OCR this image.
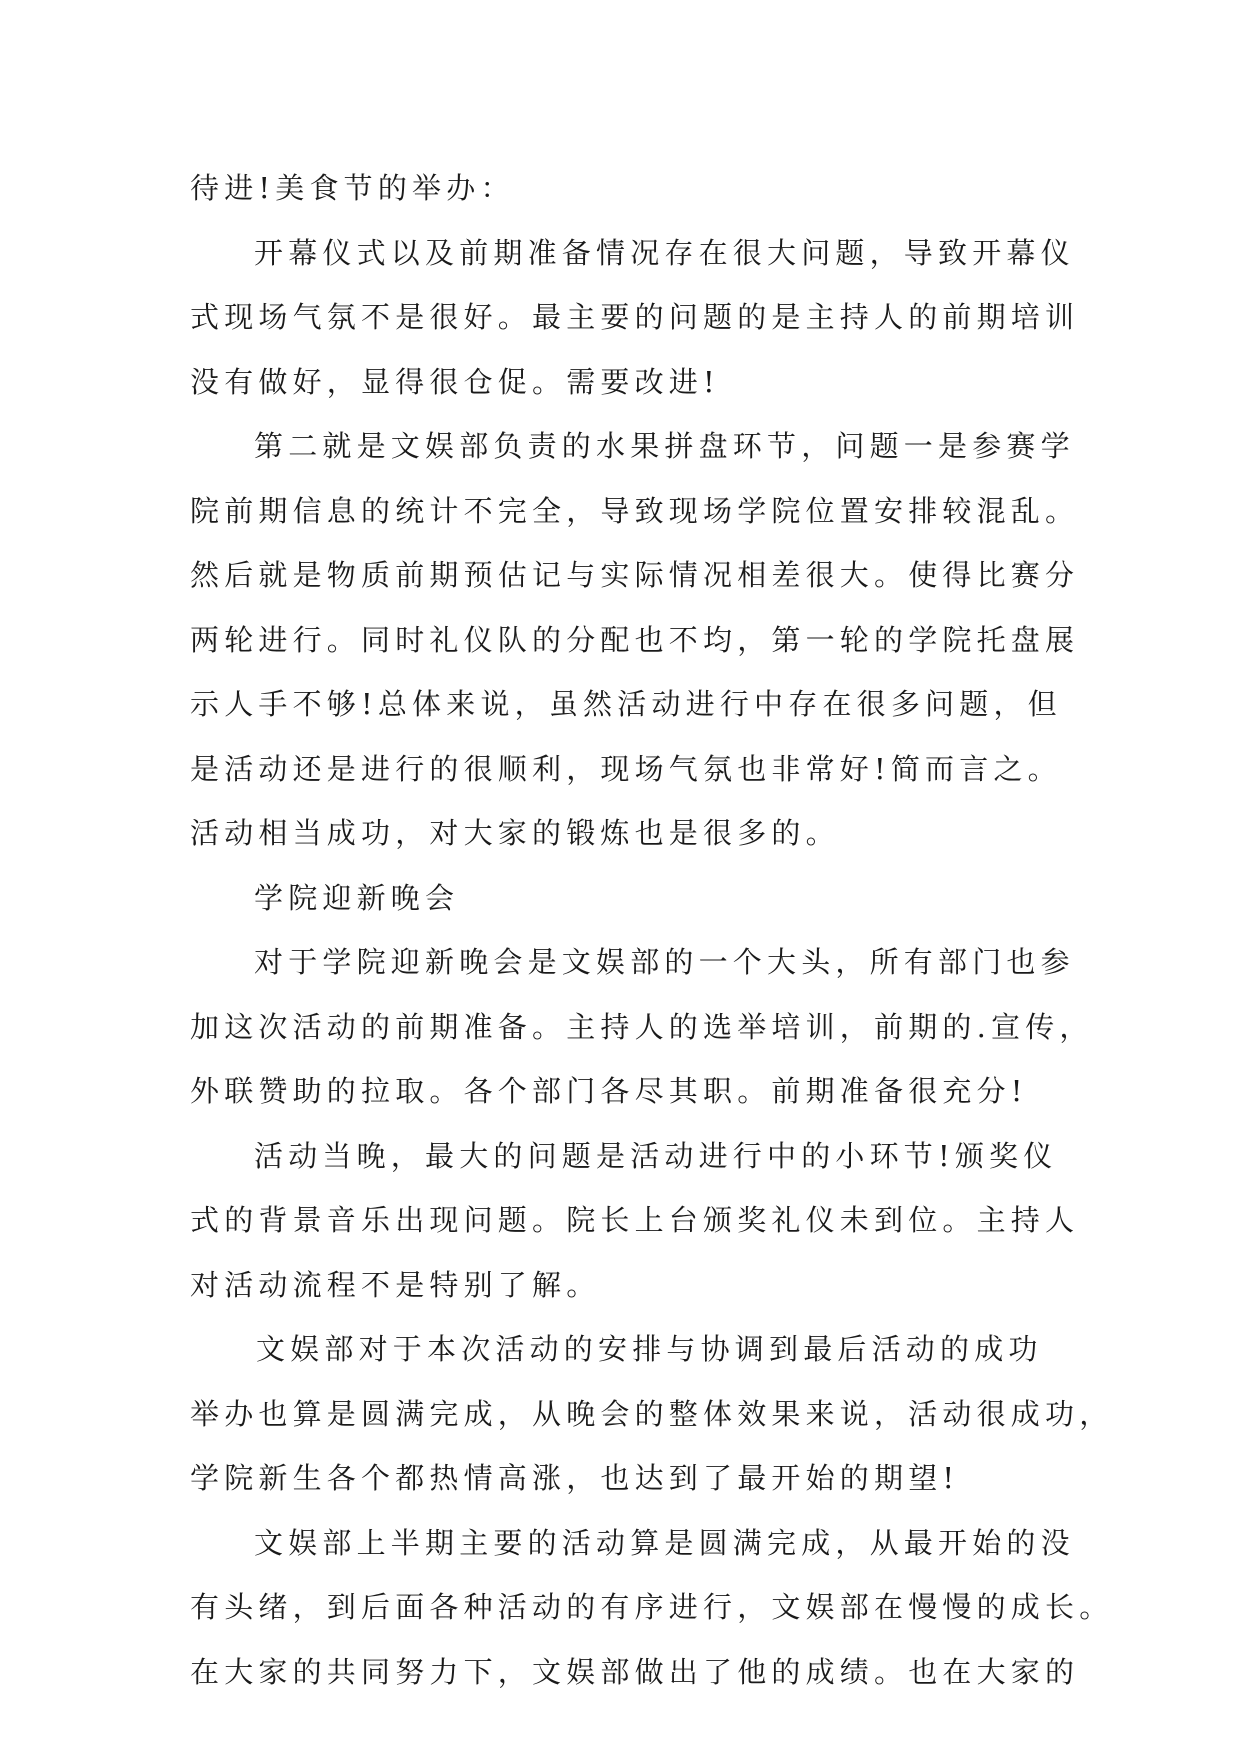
待进!美食节的举办：
开幕仪式以及前期准备情况存在很大问题，导致开幕仪
式现场气氛不是很好。最主要的问题的是主持人的前期培训
没有做好，显得很仓促。需要改进!
第二就是文娱部负责的水果拼盘环节，问题一是参赛学
院前期信息的统计不完全，导致现场学院位置安排较混乱。
然后就是物质前期预估记与实际情况相差很大。使得比赛分
两轮进行。同时礼仪队的分配也不均，第一轮的学院托盘展
示人手不够!总体来说，虽然活动进行中存在很多问题，但
是活动还是进行的很顺利，现场气氛也非常好!简而言之。
活动相当成功，对大家的锻炼也是很多的。
学院迎新晚会
对于学院迎新晚会是文娱部的一个大头，所有部门也参
加这次活动的前期准备。主持人的选举培训，前期的.宣传，
外联赞助的拉取。各个部门各尽其职。前期准备很充分!
活动当晚，最大的问题是活动进行中的小环节!颁奖仪
式的背景音乐出现问题。院长上台颁奖礼仪未到位。主持人
对活动流程不是特别了解。
文娱部对于本次活动的安排与协调到最后活动的成功
举办也算是圆满完成，从晚会的整体效果来说，活动很成功，
学院新生各个都热情高涨，也达到了最开始的期望!
文娱部上半期主要的活动算是圆满完成，从最开始的没
有头绪，到后面各种活动的有序进行，文娱部在慢慢的成长。
在大家的共同努力下，文娱部做出了他的成绩。也在大家的
